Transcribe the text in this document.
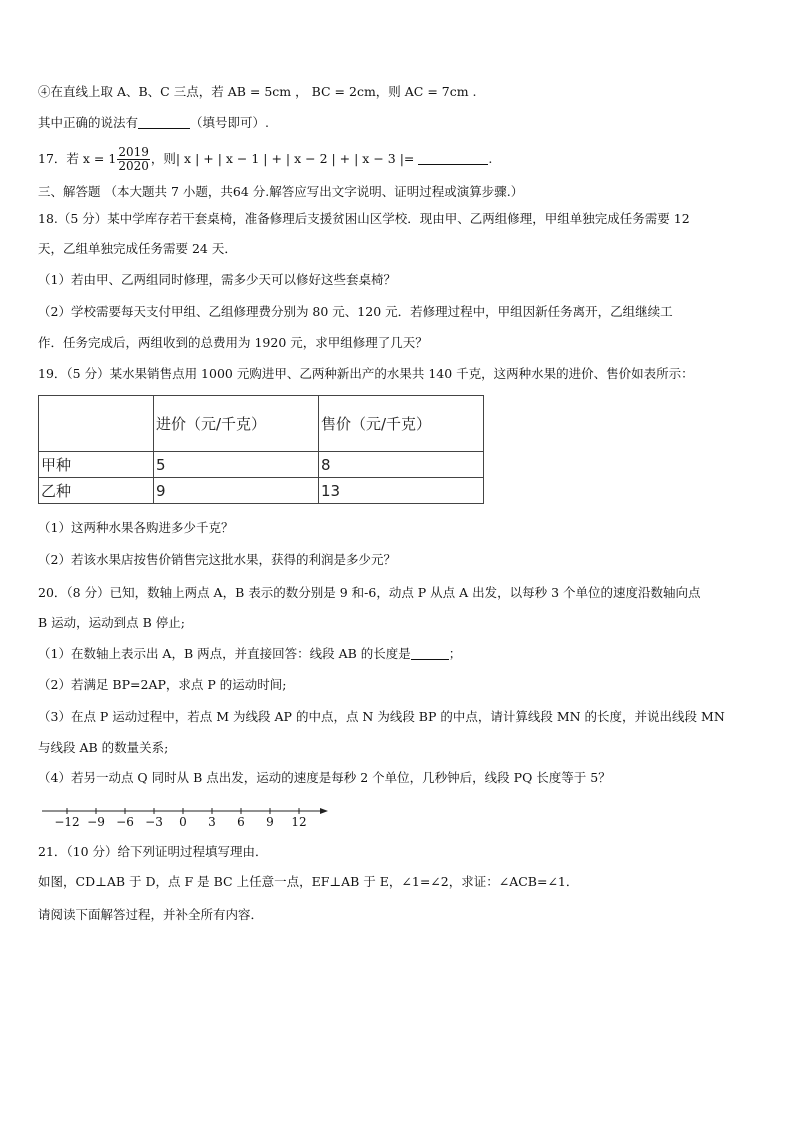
④在直线上取 A、B、C 三点，若 AB = 5cm ， BC = 2cm，则 AC = 7cm .
其中正确的说法有	（填号即可）.
17．若 $x = 1 \frac{2019}{2020}$ ，则| x | + | x − 1 | + | x − 2 | + | x − 3 |=	.
三、解答题 （本大题共 7 小题，共64 分.解答应写出文字说明、证明过程或演算步骤.）
18.（5 分）某中学库存若干套桌椅，准备修理后支援贫困山区学校．现由甲、乙两组修理，甲组单独完成任务需要 12
天，乙组单独完成任务需要 24 天．
（1）若由甲、乙两组同时修理，需多少天可以修好这些套桌椅？
（2）学校需要每天支付甲组、乙组修理费分别为 80 元、120 元．若修理过程中，甲组因新任务离开，乙组继续工
作．任务完成后，两组收到的总费用为 1920 元，求甲组修理了几天？
19．（5 分）某水果销售点用 1000 元购进甲、乙两种新出产的水果共 140 千克，这两种水果的进价、售价如表所示：
	进价（元/千克）	售价（元/千克）
甲种	5	8
乙种	9	13
（1）这两种水果各购进多少千克？
（2）若该水果店按售价销售完这批水果，获得的利润是多少元？
20．（8 分）已知，数轴上两点 A，B 表示的数分别是 9 和-6，动点 P 从点 A 出发，以每秒 3 个单位的速度沿数轴向点
B 运动，运动到点 B 停止;
（1）在数轴上表示出 A，B 两点，并直接回答：线段 AB 的长度是	；
（2）若满足 BP=2AP，求点 P 的运动时间;
（3）在点 P 运动过程中，若点 M 为线段 AP 的中点，点 N 为线段 BP 的中点，请计算线段 MN 的长度，并说出线段 MN
与线段 AB 的数量关系;
（4）若另一动点 Q 同时从 B 点出发，运动的速度是每秒 2 个单位，几秒钟后，线段 PQ 长度等于 5？
−12 −9 −6 −3 0 3 6 9 12
21．（10 分）给下列证明过程填写理由．
如图，CD⊥AB 于 D，点 F 是 BC 上任意一点，EF⊥AB 于 E，∠1=∠2，求证：∠ACB=∠1．
请阅读下面解答过程，并补全所有内容．
